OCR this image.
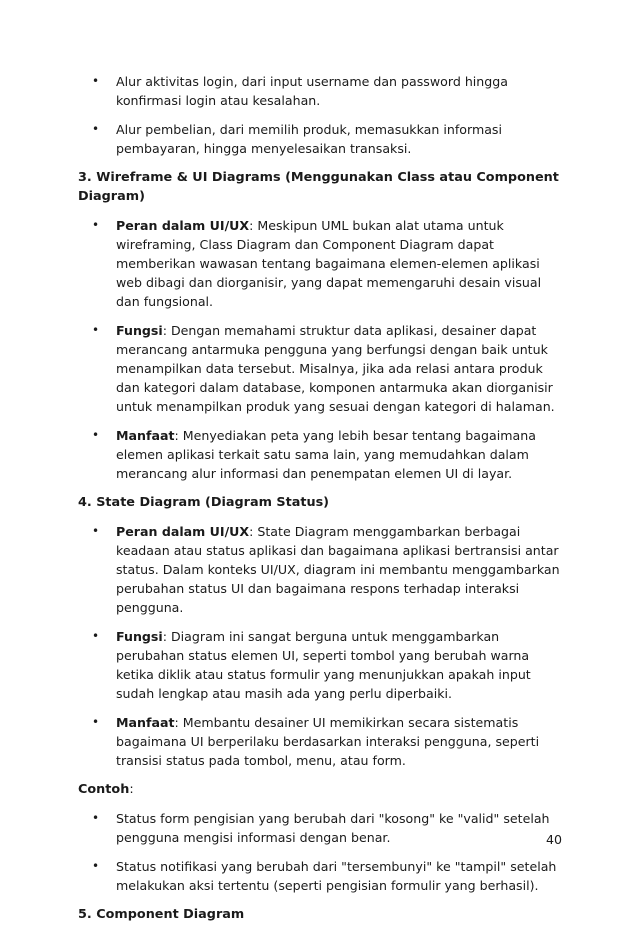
• Alur aktivitas login, dari input username dan password hingga konfirmasi login atau kesalahan.
• Alur pembelian, dari memilih produk, memasukkan informasi pembayaran, hingga menyelesaikan transaksi.
3. Wireframe & UI Diagrams (Menggunakan Class atau Component Diagram)
• Peran dalam UI/UX: Meskipun UML bukan alat utama untuk wireframing, Class Diagram dan Component Diagram dapat memberikan wawasan tentang bagaimana elemen-elemen aplikasi web dibagi dan diorganisir, yang dapat memengaruhi desain visual dan fungsional.
• Fungsi: Dengan memahami struktur data aplikasi, desainer dapat merancang antarmuka pengguna yang berfungsi dengan baik untuk menampilkan data tersebut. Misalnya, jika ada relasi antara produk dan kategori dalam database, komponen antarmuka akan diorganisir untuk menampilkan produk yang sesuai dengan kategori di halaman.
• Manfaat: Menyediakan peta yang lebih besar tentang bagaimana elemen aplikasi terkait satu sama lain, yang memudahkan dalam merancang alur informasi dan penempatan elemen UI di layar.
4. State Diagram (Diagram Status)
• Peran dalam UI/UX: State Diagram menggambarkan berbagai keadaan atau status aplikasi dan bagaimana aplikasi bertransisi antar status. Dalam konteks UI/UX, diagram ini membantu menggambarkan perubahan status UI dan bagaimana respons terhadap interaksi pengguna.
• Fungsi: Diagram ini sangat berguna untuk menggambarkan perubahan status elemen UI, seperti tombol yang berubah warna ketika diklik atau status formulir yang menunjukkan apakah input sudah lengkap atau masih ada yang perlu diperbaiki.
• Manfaat: Membantu desainer UI memikirkan secara sistematis bagaimana UI berperilaku berdasarkan interaksi pengguna, seperti transisi status pada tombol, menu, atau form.
Contoh:
• Status form pengisian yang berubah dari "kosong" ke "valid" setelah pengguna mengisi informasi dengan benar.
• Status notifikasi yang berubah dari "tersembunyi" ke "tampil" setelah melakukan aksi tertentu (seperti pengisian formulir yang berhasil).
5. Component Diagram
40
